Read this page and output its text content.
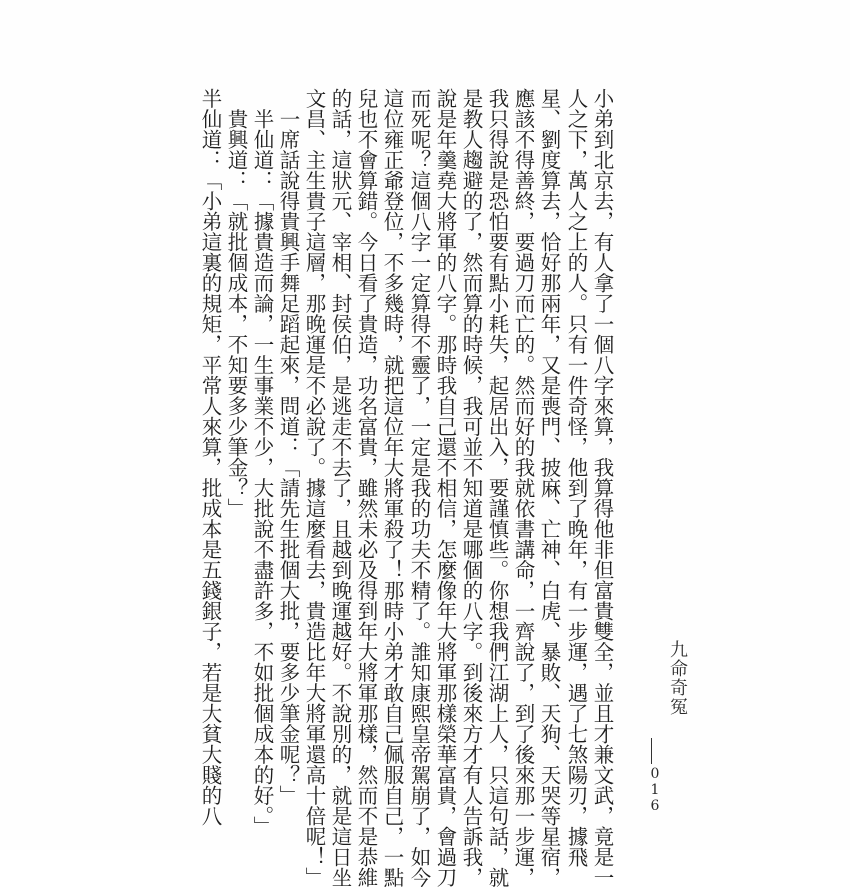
小弟到北京去，有人拿了一個八字來算，我算得他非但富貴雙全，並且才兼文武，竟是一
人之下，萬人之上的人。只有一件奇怪，他到了晚年，有一步運，遇了七煞陽刃，據飛
星、劉度算去，恰好那兩年，又是喪門、披麻、亡神、白虎、暴敗、天狗、天哭等星宿，
應該不得善終，要過刀而亡的。然而好的我就依書講命，一齊說了，到了後來那一步運，
我只得說是恐怕要有點小耗失，起居出入，要謹慎些。你想我們江湖上人，只這句話，就
是教人趨避的了，然而算的時候，我可並不知道是哪個的八字。到後來方才有人告訴我，
說是年羹堯大將軍的八字。那時我自己還不相信，怎麼像年大將軍那樣榮華富貴，會過刀
而死呢？這個八字一定算得不靈了，一定是我的功夫不精了。誰知康熙皇帝駕崩了，如今
這位雍正爺登位，不多幾時，就把這位年大將軍殺了！那時小弟才敢自己佩服自己，一點
兒也不會算錯。今日看了貴造，功名富貴，雖然未必及得到年大將軍那樣，然而不是恭維
的話，這狀元、宰相、封侯伯，是逃走不去了，且越到晚運越好。不說別的，就是這日坐
文昌、主生貴子這層，那晚運是不必說了。據這麼看去，貴造比年大將軍還高十倍呢！」
　一席話說得貴興手舞足蹈起來，問道：「請先生批個大批，要多少筆金呢？」
　半仙道：「據貴造而論，一生事業不少，大批說不盡許多，不如批個成本的好。」
　貴興道：「就批個成本，不知要多少筆金？」
半仙道：「小弟這裏的規矩，平常人來算，批成本是五錢銀子，若是大貧大賤的八	九命奇冤
016
